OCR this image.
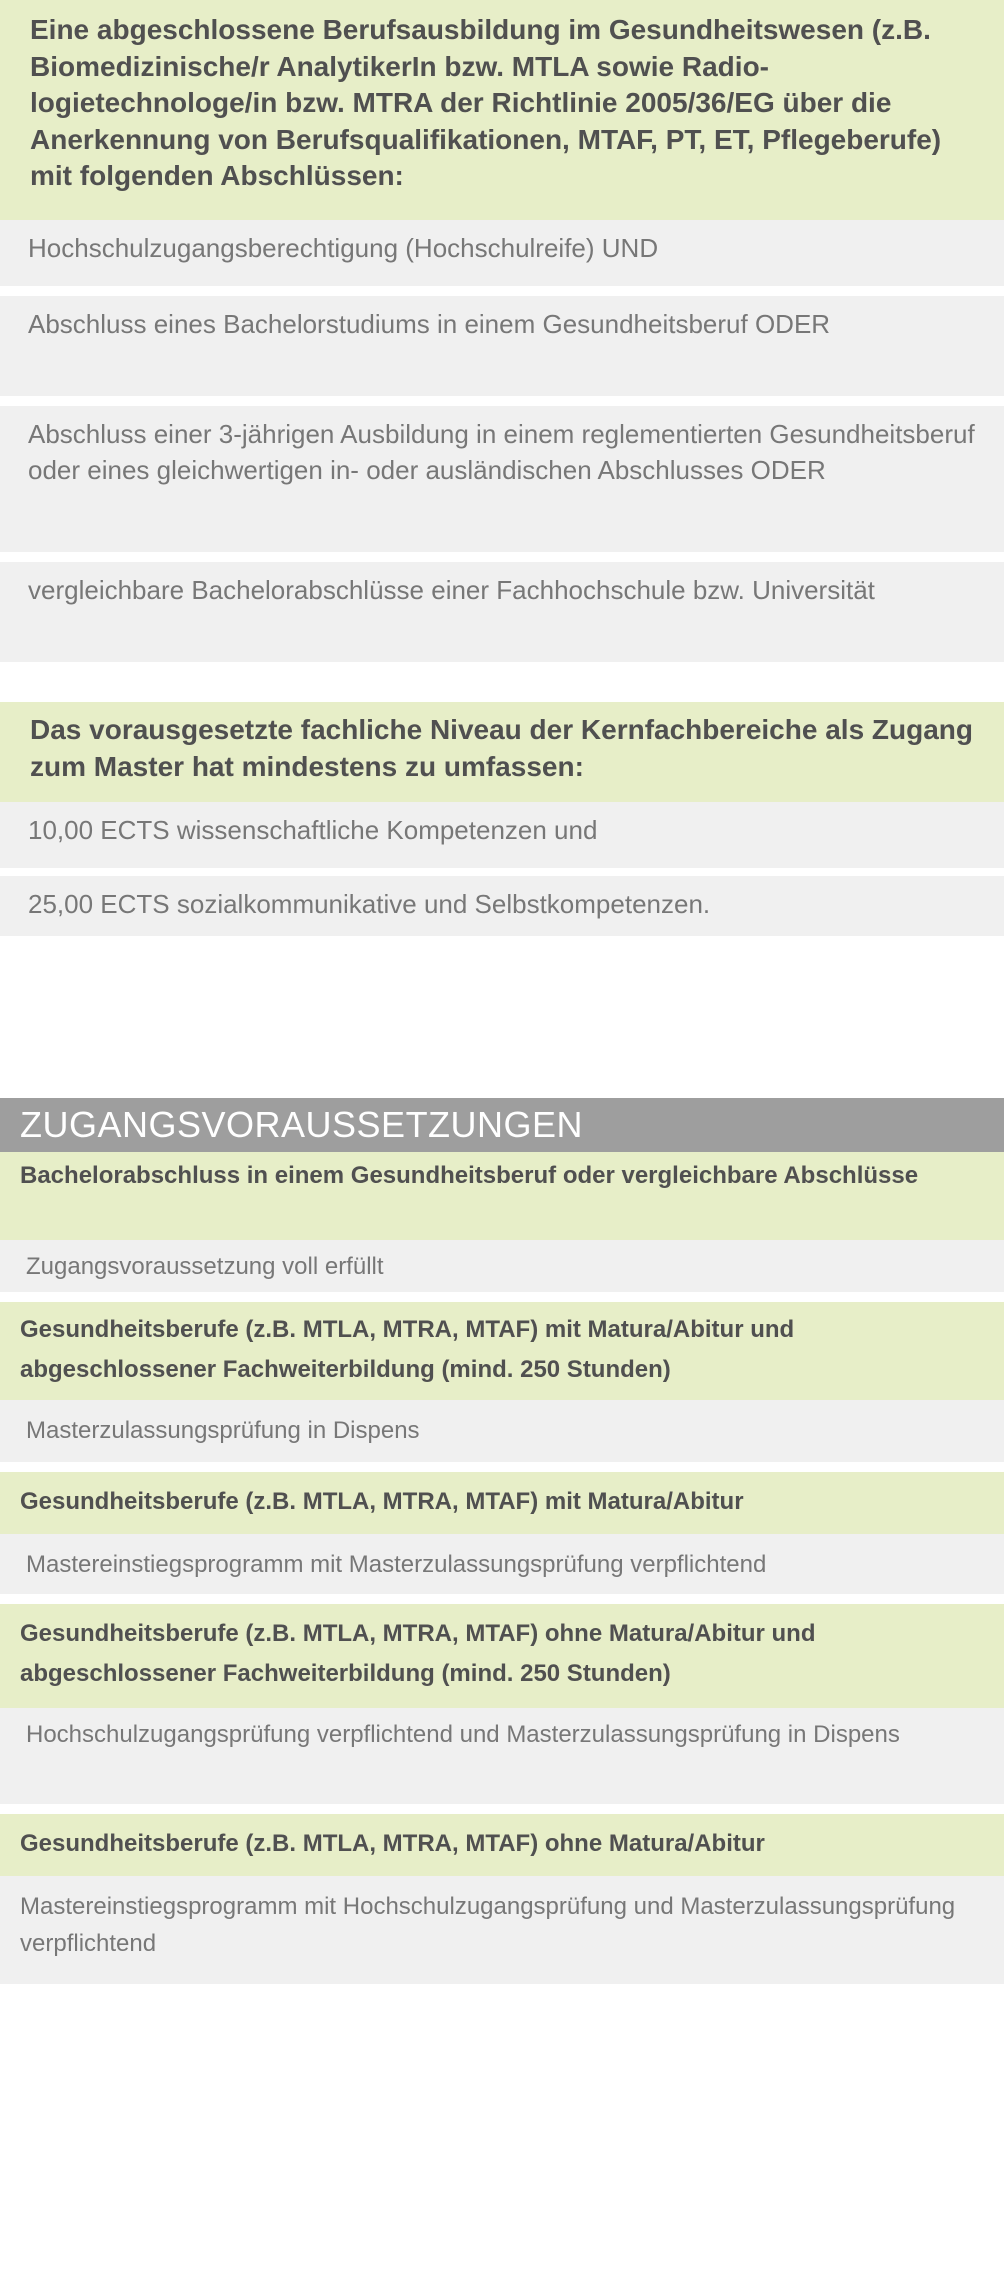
Eine abgeschlossene Berufsausbildung im Gesundheitswesen (z.B. Biomedizinische/r AnalytikerIn bzw. MTLA sowie Radio-logietechnologe/in bzw. MTRA der Richtlinie 2005/36/EG über die Anerkennung von Berufsqualifikationen, MTAF, PT, ET, Pflegeberufe) mit folgenden Abschlüssen:
Hochschulzugangsberechtigung (Hochschulreife) UND
Abschluss eines Bachelorstudiums in einem Gesundheitsberuf ODER
Abschluss einer 3-jährigen Ausbildung in einem reglementierten Gesundheitsberuf oder eines gleichwertigen in- oder ausländischen Abschlusses ODER
vergleichbare Bachelorabschlüsse einer Fachhochschule bzw. Universität
Das vorausgesetzte fachliche Niveau der Kernfachbereiche als Zugang zum Master hat mindestens zu umfassen:
10,00 ECTS wissenschaftliche Kompetenzen und
25,00 ECTS sozialkommunikative und Selbstkompetenzen.
ZUGANGSVORAUSSETZUNGEN
Bachelorabschluss in einem Gesundheitsberuf oder vergleichbare Abschlüsse
Zugangsvoraussetzung voll erfüllt
Gesundheitsberufe (z.B. MTLA, MTRA, MTAF) mit Matura/Abitur und abgeschlossener Fachweiterbildung (mind. 250 Stunden)
Masterzulassungsprüfung in Dispens
Gesundheitsberufe (z.B. MTLA, MTRA, MTAF) mit Matura/Abitur
Mastereinstiegsprogramm mit Masterzulassungsprüfung verpflichtend
Gesundheitsberufe (z.B. MTLA, MTRA, MTAF) ohne Matura/Abitur und abgeschlossener Fachweiterbildung (mind. 250 Stunden)
Hochschulzugangsprüfung verpflichtend und Masterzulassungsprüfung in Dispens
Gesundheitsberufe (z.B. MTLA, MTRA, MTAF) ohne Matura/Abitur
Mastereinstiegsprogramm mit Hochschulzugangsprüfung und Masterzulassungsprüfung verpflichtend
